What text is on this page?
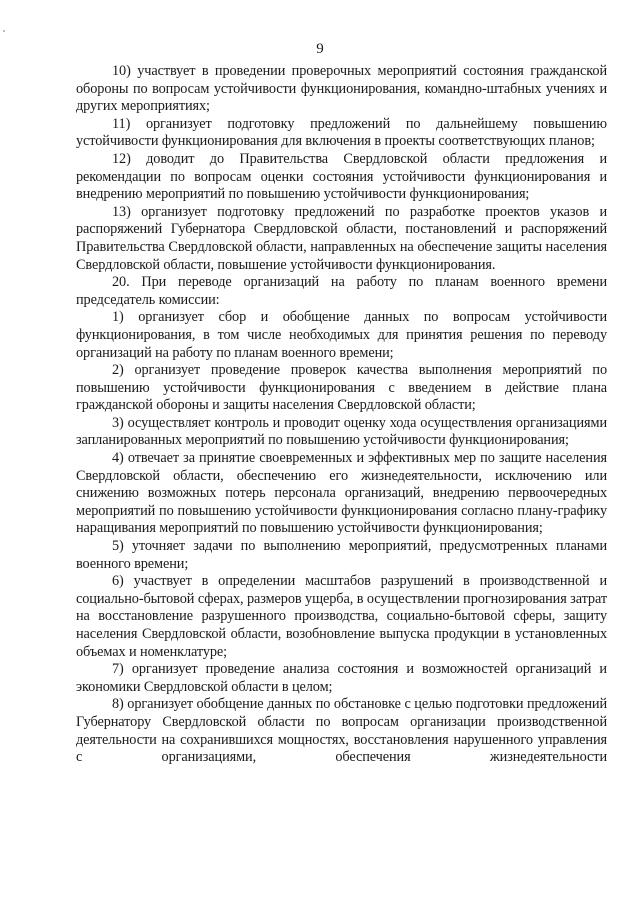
9

10) участвует в проведении проверочных мероприятий состояния гражданской обороны по вопросам устойчивости функционирования, командно-штабных учениях и других мероприятиях;

11) организует подготовку предложений по дальнейшему повышению устойчивости функционирования для включения в проекты соответствующих планов;

12) доводит до Правительства Свердловской области предложения и рекомендации по вопросам оценки состояния устойчивости функционирования и внедрению мероприятий по повышению устойчивости функционирования;

13) организует подготовку предложений по разработке проектов указов и распоряжений Губернатора Свердловской области, постановлений и распоряжений Правительства Свердловской области, направленных на обеспечение защиты населения Свердловской области, повышение устойчивости функционирования.

20. При переводе организаций на работу по планам военного времени председатель комиссии:

1) организует сбор и обобщение данных по вопросам устойчивости функционирования, в том числе необходимых для принятия решения по переводу организаций на работу по планам военного времени;

2) организует проведение проверок качества выполнения мероприятий по повышению устойчивости функционирования с введением в действие плана гражданской обороны и защиты населения Свердловской области;

3) осуществляет контроль и проводит оценку хода осуществления организациями запланированных мероприятий по повышению устойчивости функционирования;

4) отвечает за принятие своевременных и эффективных мер по защите населения Свердловской области, обеспечению его жизнедеятельности, исключению или снижению возможных потерь персонала организаций, внедрению первоочередных мероприятий по повышению устойчивости функционирования согласно плану-графику наращивания мероприятий по повышению устойчивости функционирования;

5) уточняет задачи по выполнению мероприятий, предусмотренных планами военного времени;

6) участвует в определении масштабов разрушений в производственной и социально-бытовой сферах, размеров ущерба, в осуществлении прогнозирования затрат на восстановление разрушенного производства, социально-бытовой сферы, защиту населения Свердловской области, возобновление выпуска продукции в установленных объемах и номенклатуре;

7) организует проведение анализа состояния и возможностей организаций и экономики Свердловской области в целом;

8) организует обобщение данных по обстановке с целью подготовки предложений Губернатору Свердловской области по вопросам организации производственной деятельности на сохранившихся мощностях, восстановления нарушенного управления с организациями, обеспечения жизнедеятельности
